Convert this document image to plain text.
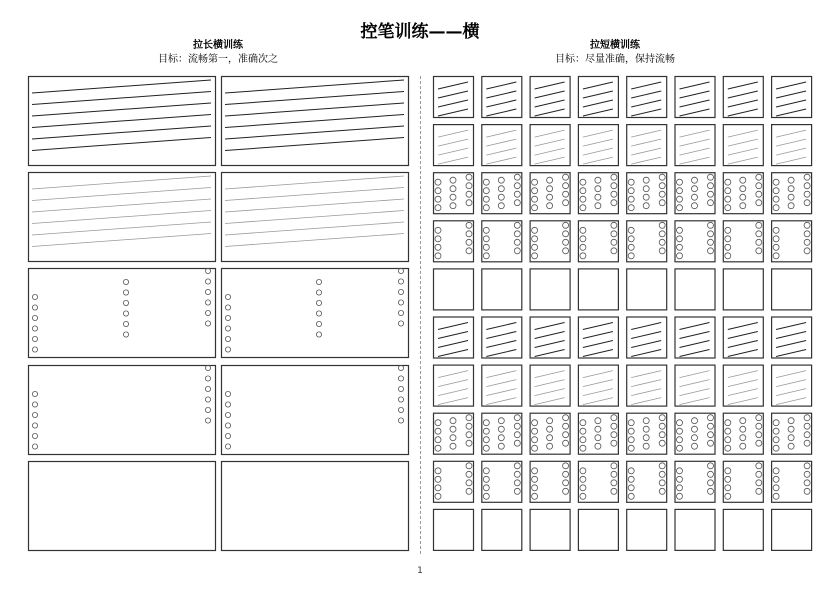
控笔训练——横
拉长横训练
目标：流畅第一，准确次之
拉短横训练
目标：尽量准确，保持流畅
1
